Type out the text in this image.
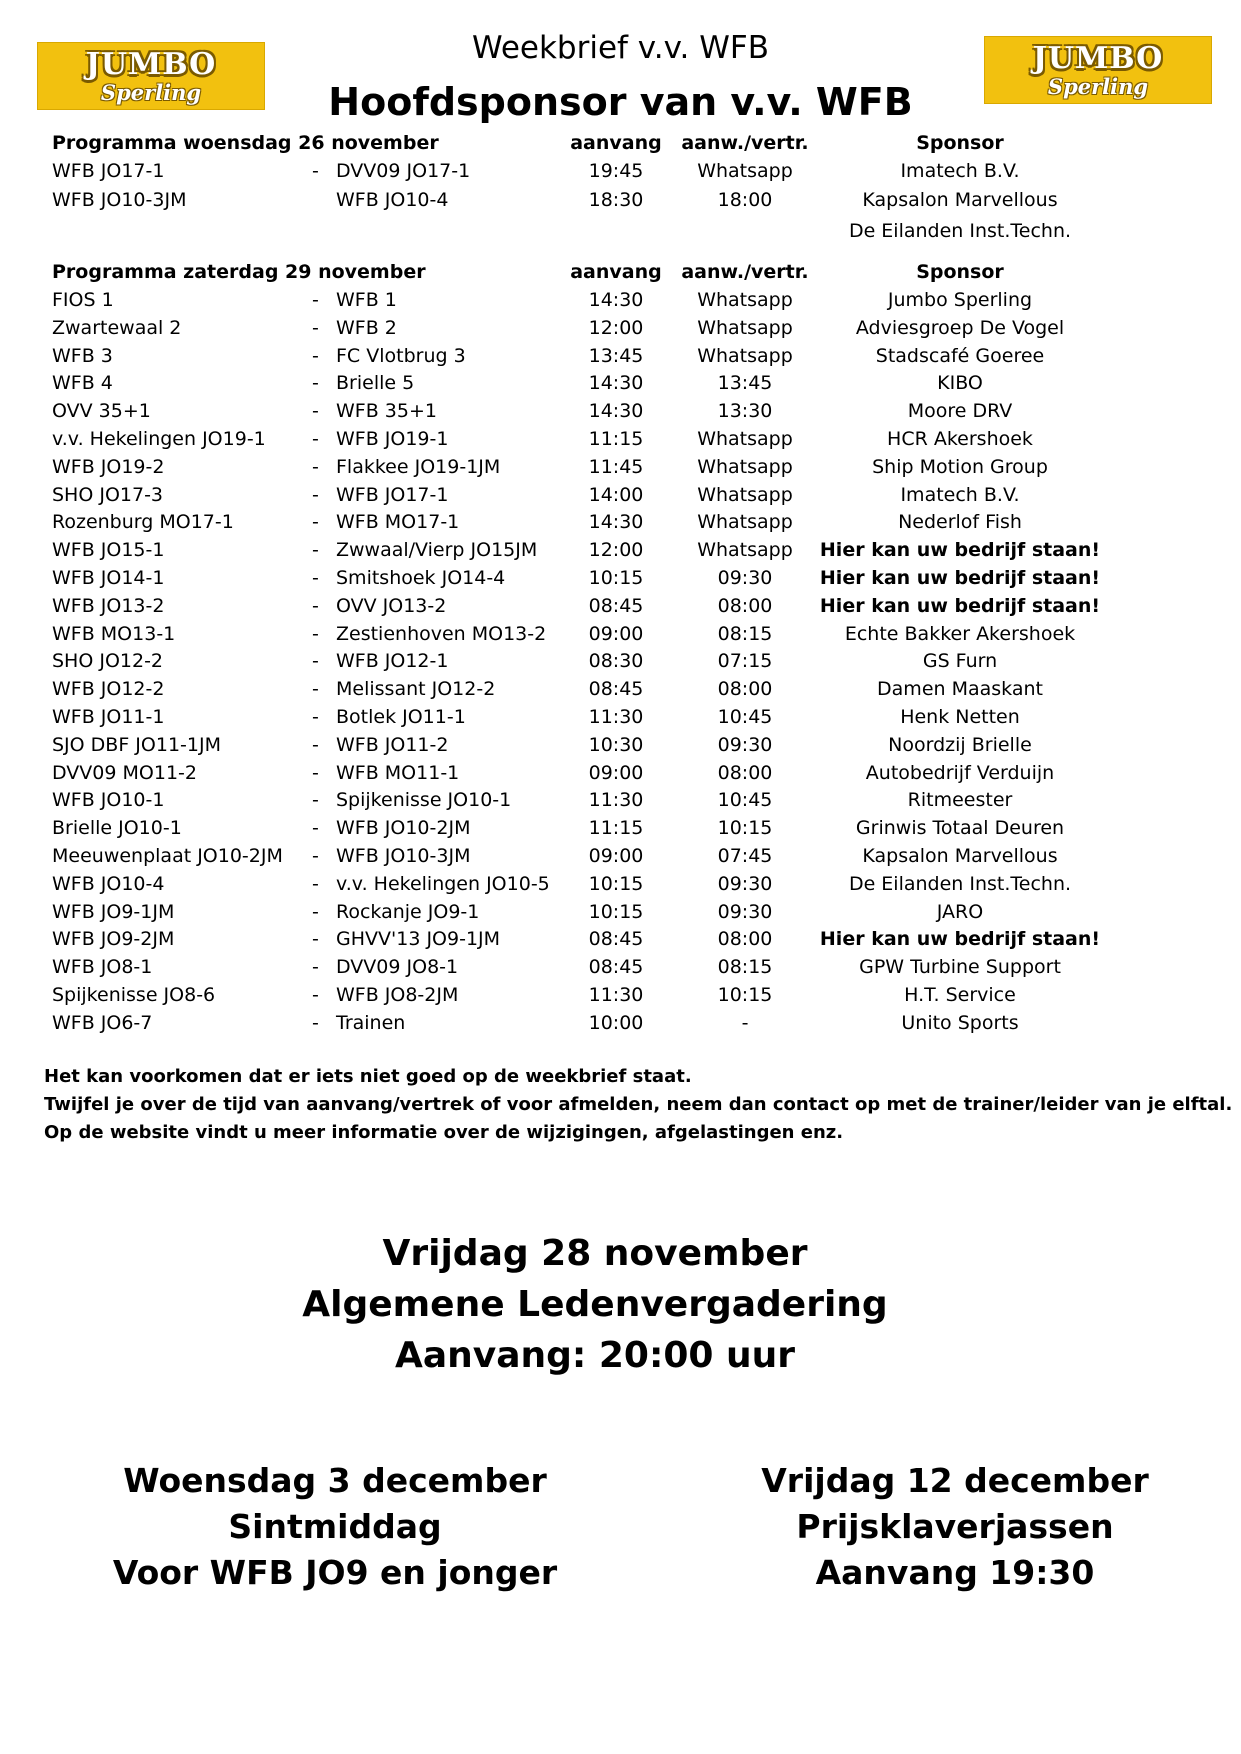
JUMBO
Sperling
JUMBO
Sperling
Weekbrief v.v. WFB
Hoofdsponsor van v.v. WFB
Programma woensdag 26 november	aanvang	aanw./vertr.	Sponsor
WFB JO17-1	- DVV09 JO17-1	19:45	Whatsapp	Imatech B.V.
WFB JO10-3JM	WFB JO10-4	18:30	18:00	Kapsalon Marvellous
De Eilanden Inst.Techn.
Programma zaterdag 29 november	aanvang	aanw./vertr.	Sponsor
FIOS 1	- WFB 1	14:30	Whatsapp	Jumbo Sperling
Zwartewaal 2	- WFB 2	12:00	Whatsapp	Adviesgroep De Vogel
WFB 3	- FC Vlotbrug 3	13:45	Whatsapp	Stadscafé Goeree
WFB 4	- Brielle 5	14:30	13:45	KIBO
OVV 35+1	- WFB 35+1	14:30	13:30	Moore DRV
v.v. Hekelingen JO19-1 - WFB JO19-1	11:15	Whatsapp	HCR Akershoek
WFB JO19-2	- Flakkee JO19-1JM	11:45	Whatsapp	Ship Motion Group
SHO JO17-3	- WFB JO17-1	14:00	Whatsapp	Imatech B.V.
Rozenburg MO17-1	- WFB MO17-1	14:30	Whatsapp	Nederlof Fish
WFB JO15-1	- Zwwaal/Vierp JO15JM	12:00	Whatsapp	Hier kan uw bedrijf staan!
WFB JO14-1	- Smitshoek JO14-4	10:15	09:30	Hier kan uw bedrijf staan!
WFB JO13-2	- OVV JO13-2	08:45	08:00	Hier kan uw bedrijf staan!
WFB MO13-1	- Zestienhoven MO13-2	09:00	08:15	Echte Bakker Akershoek
SHO JO12-2	- WFB JO12-1	08:30	07:15	GS Furn
WFB JO12-2	- Melissant JO12-2	08:45	08:00	Damen Maaskant
WFB JO11-1	- Botlek JO11-1	11:30	10:45	Henk Netten
SJO DBF JO11-1JM	- WFB JO11-2	10:30	09:30	Noordzij Brielle
DVV09 MO11-2	- WFB MO11-1	09:00	08:00	Autobedrijf Verduijn
WFB JO10-1	- Spijkenisse JO10-1	11:30	10:45	Ritmeester
Brielle JO10-1	- WFB JO10-2JM	11:15	10:15	Grinwis Totaal Deuren
Meeuwenplaat JO10-2JM - WFB JO10-3JM	09:00	07:45	Kapsalon Marvellous
WFB JO10-4	- v.v. Hekelingen JO10-5	10:15	09:30	De Eilanden Inst.Techn.
WFB JO9-1JM	- Rockanje JO9-1	10:15	09:30	JARO
WFB JO9-2JM	- GHVV'13 JO9-1JM	08:45	08:00	Hier kan uw bedrijf staan!
WFB JO8-1	- DVV09 JO8-1	08:45	08:15	GPW Turbine Support
Spijkenisse JO8-6	- WFB JO8-2JM	11:30	10:15	H.T. Service
WFB JO6-7	- Trainen	10:00	-	Unito Sports
Het kan voorkomen dat er iets niet goed op de weekbrief staat.
Twijfel je over de tijd van aanvang/vertrek of voor afmelden, neem dan contact op met de trainer/leider van je elftal.
Op de website vindt u meer informatie over de wijzigingen, afgelastingen enz.
Vrijdag 28 november
Algemene Ledenvergadering
Aanvang: 20:00 uur
Woensdag 3 december
Sintmiddag
Voor WFB JO9 en jonger
Vrijdag 12 december
Prijsklaverjassen
Aanvang 19:30
